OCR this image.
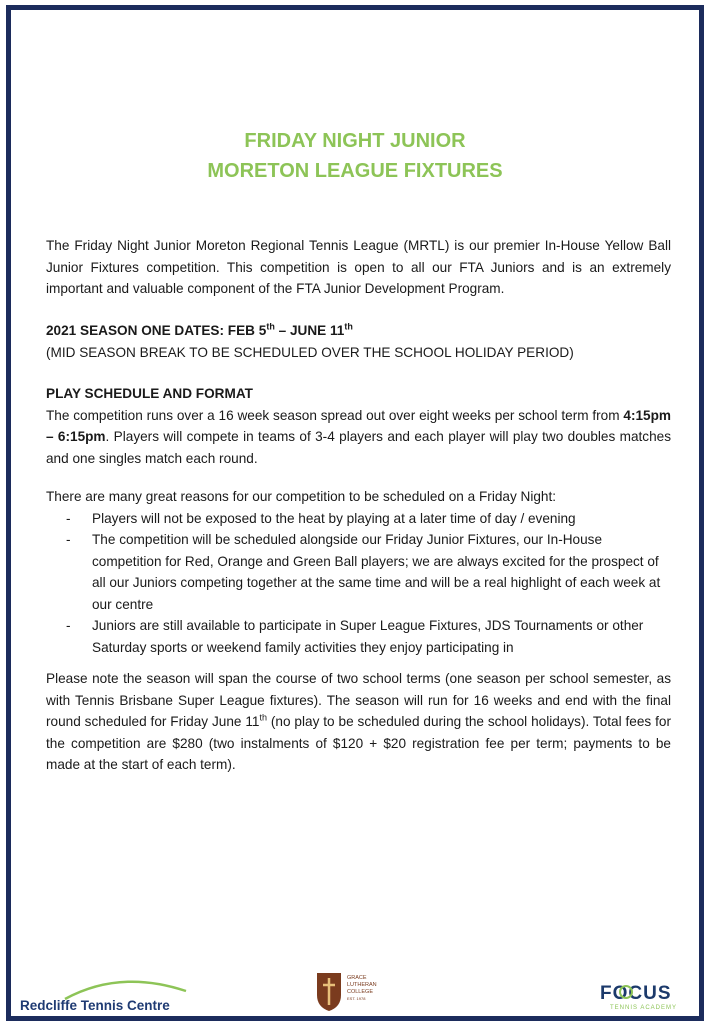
FRIDAY NIGHT JUNIOR
MORETON LEAGUE FIXTURES

The Friday Night Junior Moreton Regional Tennis League (MRTL) is our premier In-House Yellow Ball Junior Fixtures competition. This competition is open to all our FTA Juniors and is an extremely important and valuable component of the FTA Junior Development Program.

2021 SEASON ONE DATES: FEB 5th – JUNE 11th

(MID SEASON BREAK TO BE SCHEDULED OVER THE SCHOOL HOLIDAY PERIOD)

PLAY SCHEDULE AND FORMAT

The competition runs over a 16 week season spread out over eight weeks per school term from 4:15pm – 6:15pm. Players will compete in teams of 3-4 players and each player will play two doubles matches and one singles match each round.

There are many great reasons for our competition to be scheduled on a Friday Night:

- Players will not be exposed to the heat by playing at a later time of day / evening
- The competition will be scheduled alongside our Friday Junior Fixtures, our In-House competition for Red, Orange and Green Ball players; we are always excited for the prospect of all our Juniors competing together at the same time and will be a real highlight of each week at our centre
- Juniors are still available to participate in Super League Fixtures, JDS Tournaments or other Saturday sports or weekend family activities they enjoy participating in

Please note the season will span the course of two school terms (one season per school semester, as with Tennis Brisbane Super League fixtures). The season will run for 16 weeks and end with the final round scheduled for Friday June 11th (no play to be scheduled during the school holidays). Total fees for the competition are $280 (two instalments of $120 + $20 registration fee per term; payments to be made at the start of each term).

Redcliffe Tennis Centre
GRACE
LUTHERAN
COLLEGE
EST. 1978	FOCUS
TENNIS ACADEMY
